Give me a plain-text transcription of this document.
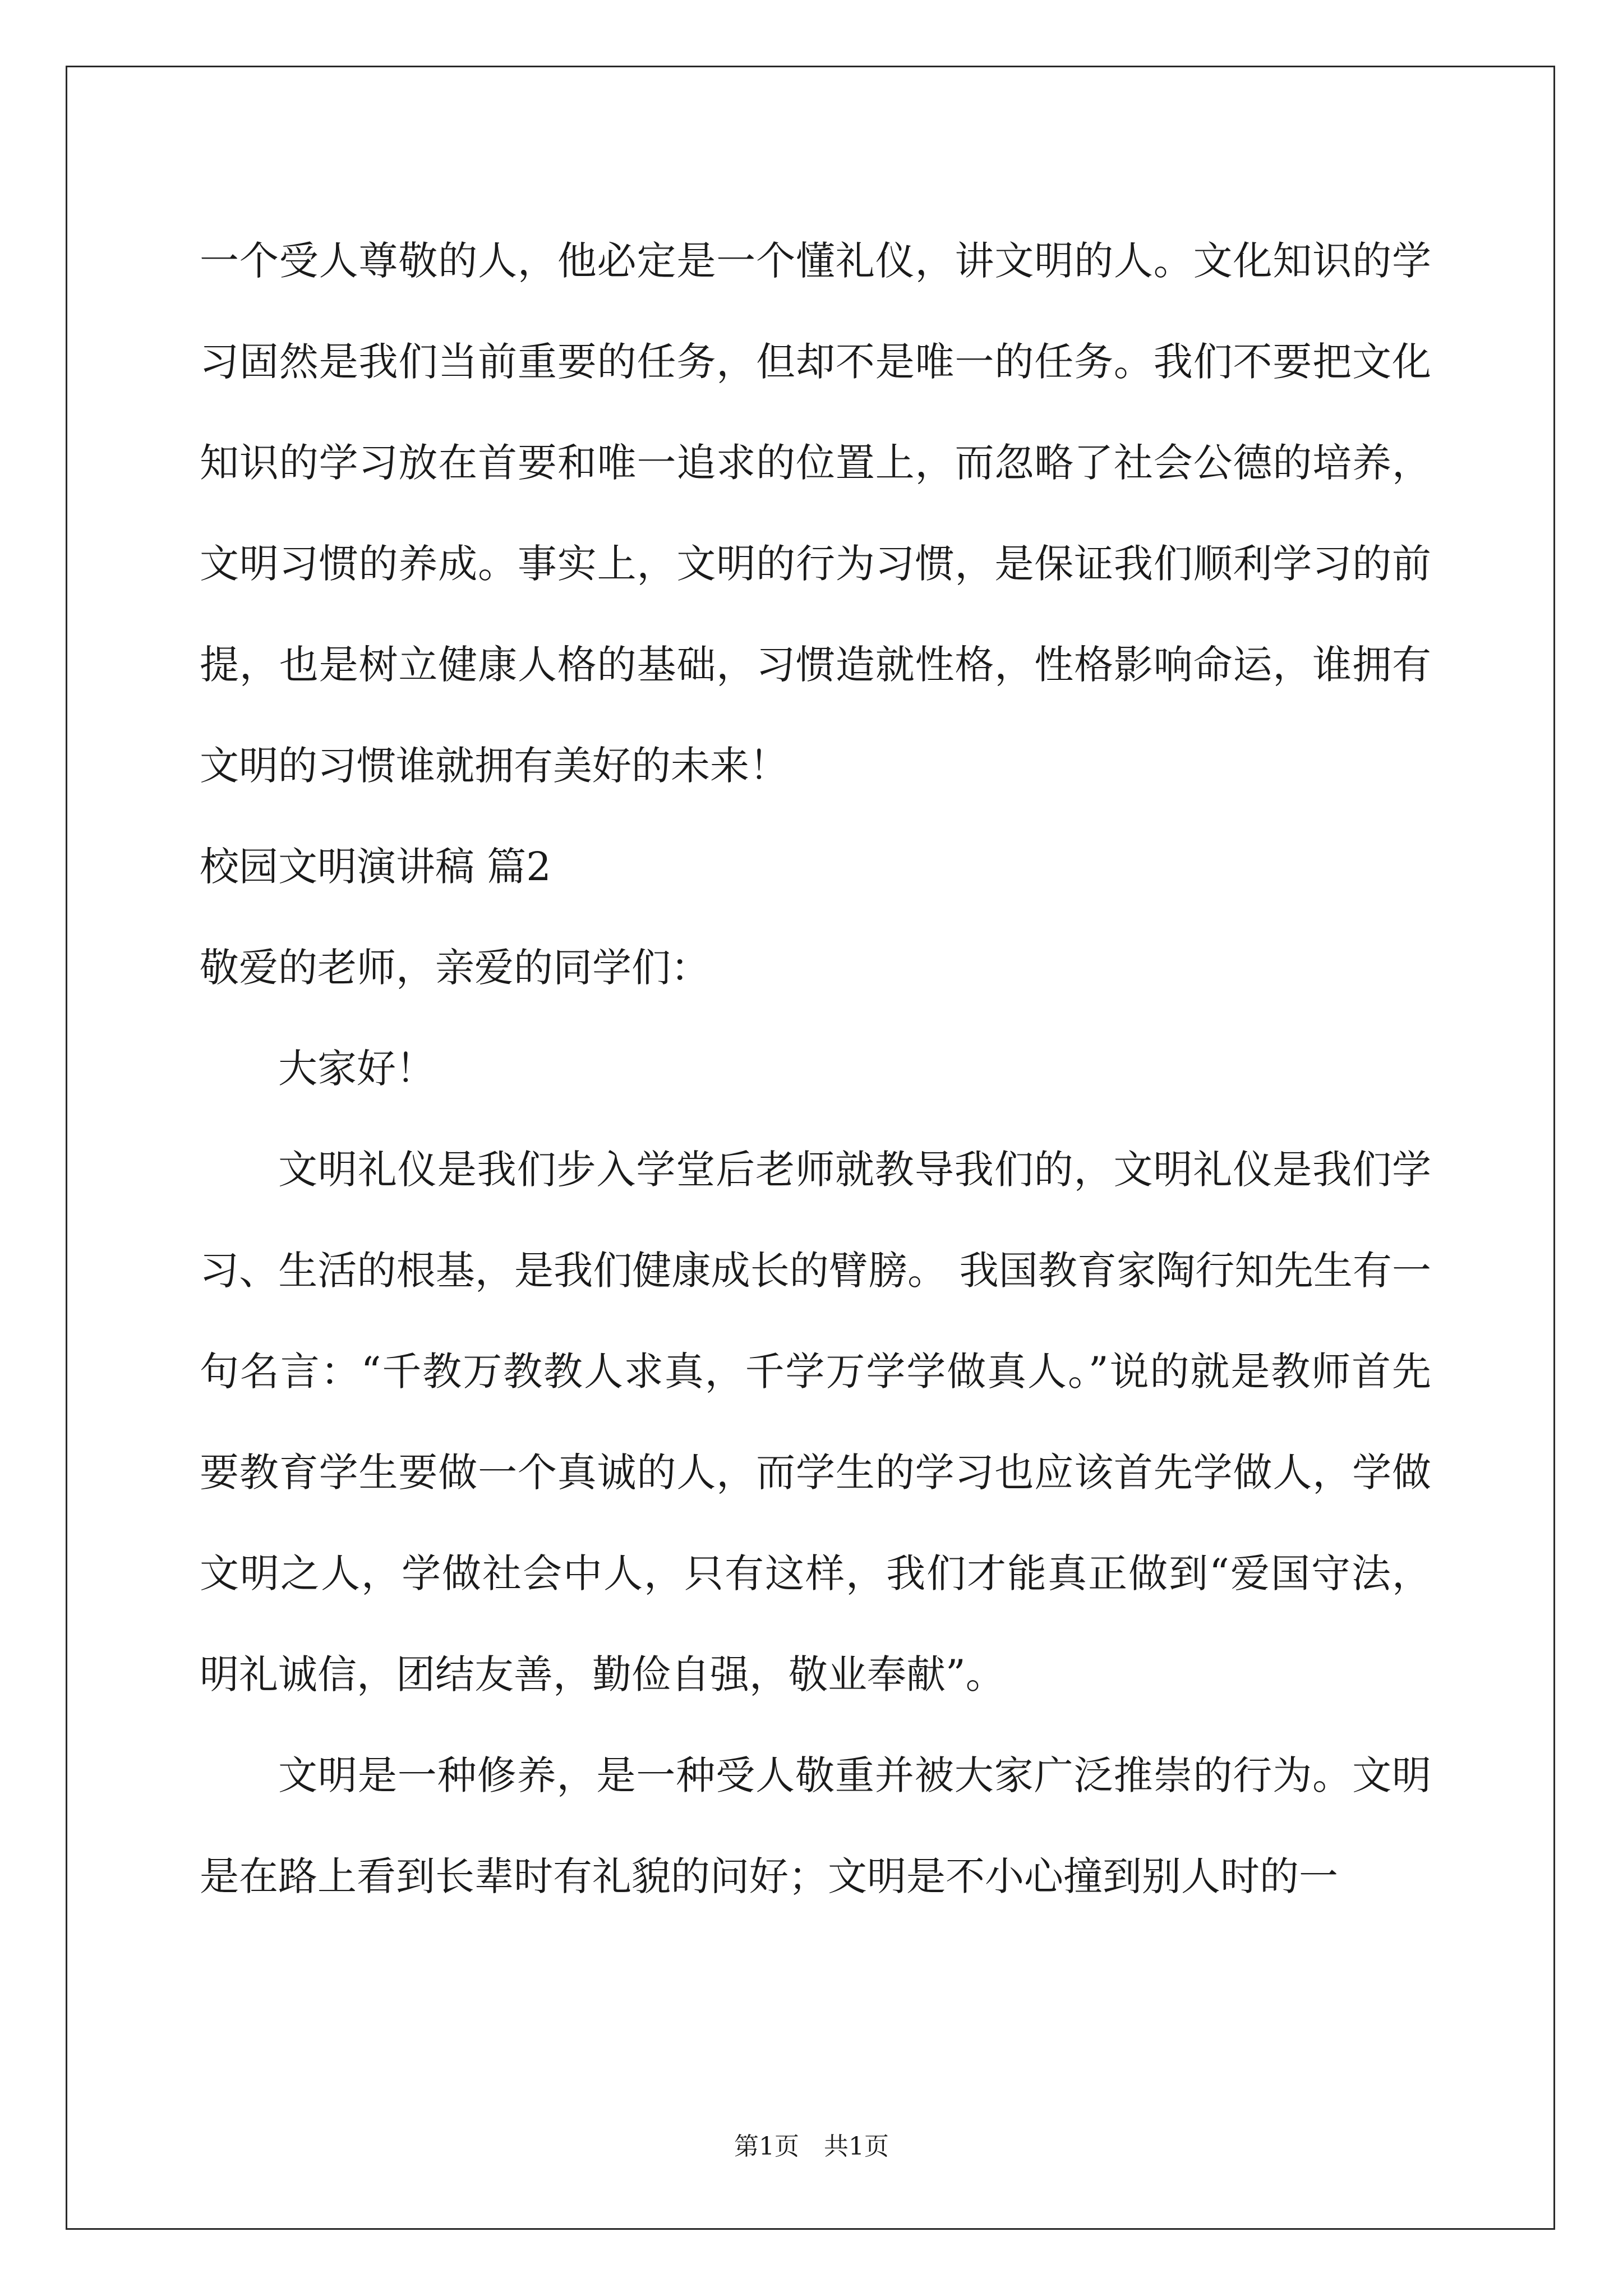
一个受人尊敬的人，他必定是一个懂礼仪，讲文明的人。文化知识的学习固然是我们当前重要的任务，但却不是唯一的任务。我们不要把文化知识的学习放在首要和唯一追求的位置上，而忽略了社会公德的培养，文明习惯的养成。事实上，文明的行为习惯，是保证我们顺利学习的前提，也是树立健康人格的基础，习惯造就性格，性格影响命运，谁拥有文明的习惯谁就拥有美好的未来！

校园文明演讲稿 篇2

敬爱的老师，亲爱的同学们：

大家好！

文明礼仪是我们步入学堂后老师就教导我们的，文明礼仪是我们学习、生活的根基，是我们健康成长的臂膀。 我国教育家陶行知先生有一句名言：“千教万教教人求真，千学万学学做真人。”说的就是教师首先要教育学生要做一个真诚的人，而学生的学习也应该首先学做人，学做文明之人，学做社会中人，只有这样，我们才能真正做到“爱国守法，明礼诚信，团结友善，勤俭自强，敬业奉献”。

文明是一种修养，是一种受人敬重并被大家广泛推崇的行为。文明是在路上看到长辈时有礼貌的问好；文明是不小心撞到别人时的一

第1页　共1页
